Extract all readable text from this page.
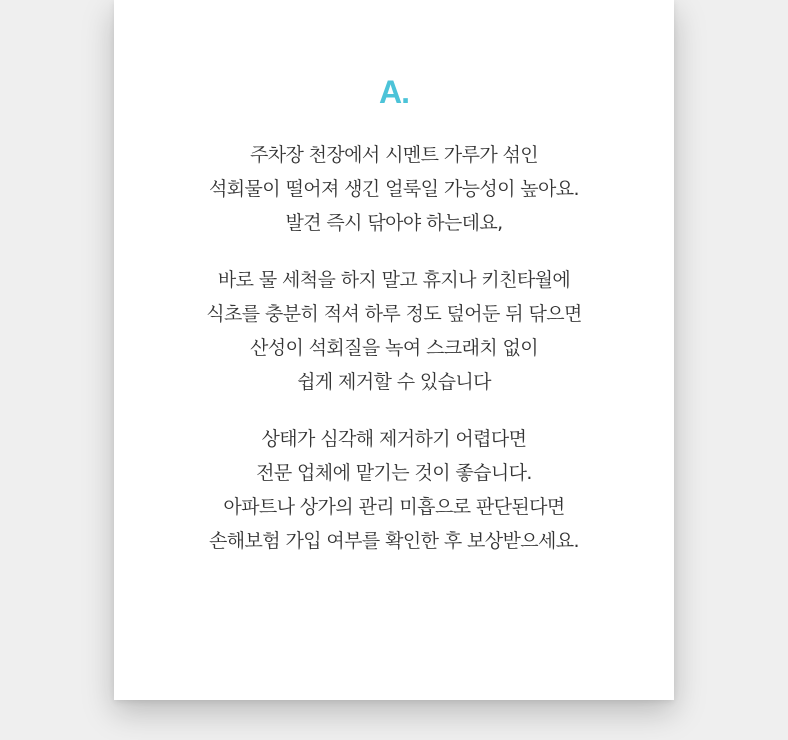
A.
주차장 천장에서 시멘트 가루가 섞인
석회물이 떨어져 생긴 얼룩일 가능성이 높아요.
발견 즉시 닦아야 하는데요,
바로 물 세척을 하지 말고 휴지나 키친타월에
식초를 충분히 적셔 하루 정도 덮어둔 뒤 닦으면
산성이 석회질을 녹여 스크래치 없이
쉽게 제거할 수 있습니다
상태가 심각해 제거하기 어렵다면
전문 업체에 맡기는 것이 좋습니다.
아파트나 상가의 관리 미흡으로 판단된다면
손해보험 가입 여부를 확인한 후 보상받으세요.
